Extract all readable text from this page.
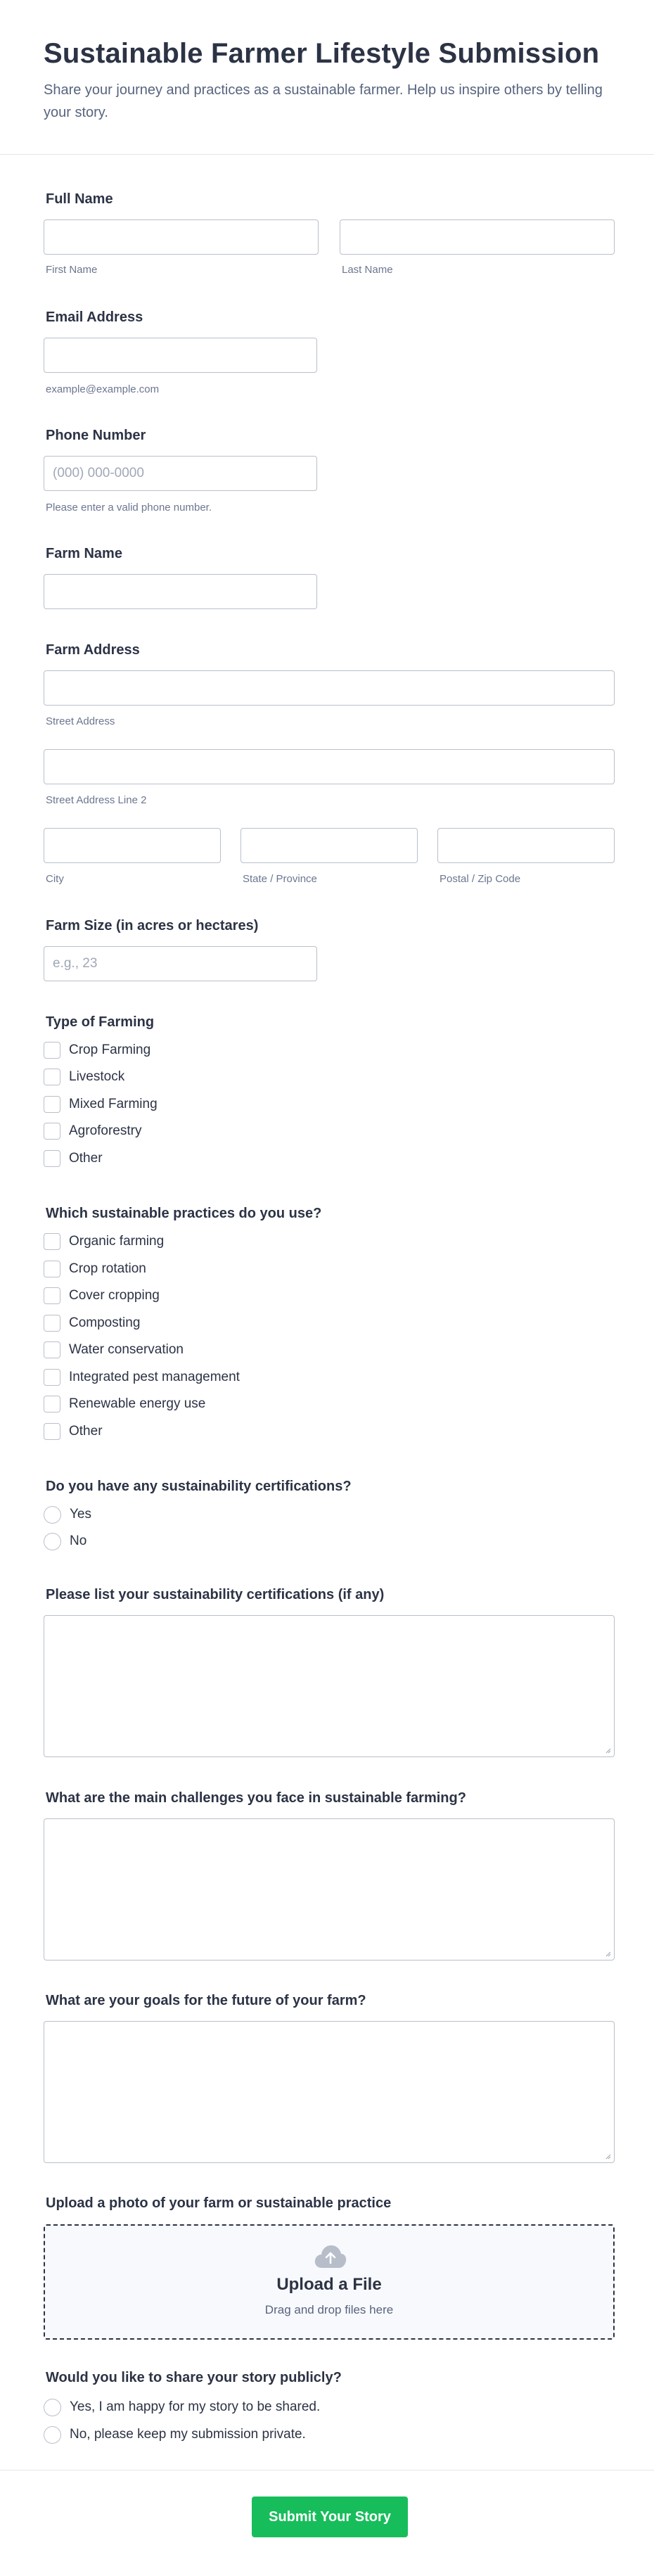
Sustainable Farmer Lifestyle Submission
Share your journey and practices as a sustainable farmer. Help us inspire others by telling your story.
Full Name
First Name	Last Name
Email Address
example@example.com
Phone Number
(000) 000-0000
Please enter a valid phone number.
Farm Name
Farm Address
Street Address
Street Address Line 2
City	State / Province	Postal / Zip Code
Farm Size (in acres or hectares)
e.g., 23
Type of Farming
Crop Farming
Livestock
Mixed Farming
Agroforestry
Other
Which sustainable practices do you use?
Organic farming
Crop rotation
Cover cropping
Composting
Water conservation
Integrated pest management
Renewable energy use
Other
Do you have any sustainability certifications?
Yes
No
Please list your sustainability certifications (if any)
What are the main challenges you face in sustainable farming?
What are your goals for the future of your farm?
Upload a photo of your farm or sustainable practice
Upload a File
Drag and drop files here
Would you like to share your story publicly?
Yes, I am happy for my story to be shared.
No, please keep my submission private.
Submit Your Story
